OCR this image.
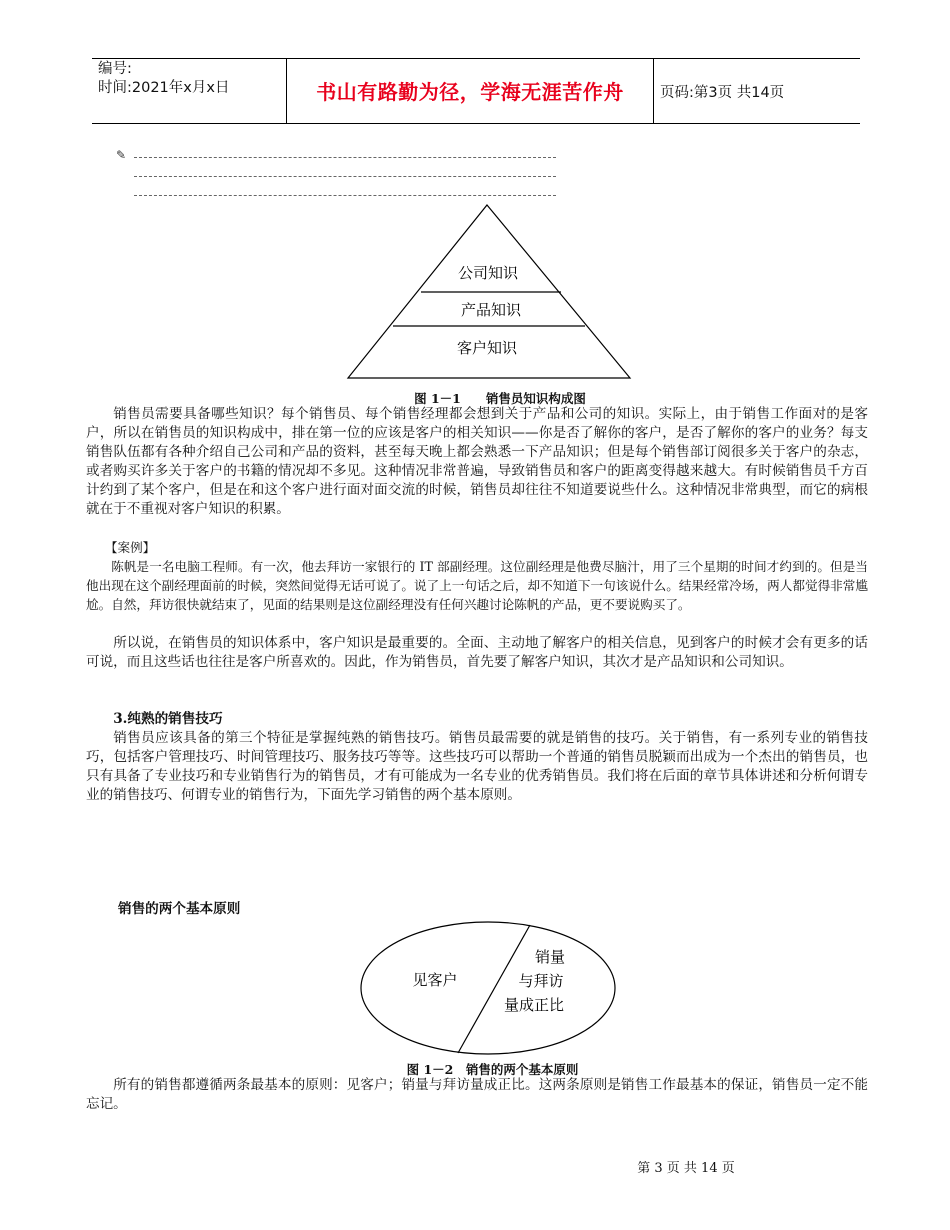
编号:
时间:2021年x月x日	书山有路勤为径，学海无涯苦作舟	页码:第3页 共14页
✎
公司知识
产品知识
客户知识
图 1－1　　销售员知识构成图

销售员需要具备哪些知识？每个销售员、每个销售经理都会想到关于产品和公司的知识。实际上，由于销售工作面对的是客户，所以在销售员的知识构成中，排在第一位的应该是客户的相关知识——你是否了解你的客户，是否了解你的客户的业务？每支销售队伍都有各种介绍自己公司和产品的资料，甚至每天晚上都会熟悉一下产品知识；但是每个销售部订阅很多关于客户的杂志，或者购买许多关于客户的书籍的情况却不多见。这种情况非常普遍，导致销售员和客户的距离变得越来越大。有时候销售员千方百计约到了某个客户，但是在和这个客户进行面对面交流的时候，销售员却往往不知道要说些什么。这种情况非常典型，而它的病根就在于不重视对客户知识的积累。

【案例】

陈帆是一名电脑工程师。有一次，他去拜访一家银行的 IT 部副经理。这位副经理是他费尽脑汁，用了三个星期的时间才约到的。但是当他出现在这个副经理面前的时候，突然间觉得无话可说了。说了上一句话之后，却不知道下一句该说什么。结果经常冷场，两人都觉得非常尴尬。自然，拜访很快就结束了，见面的结果则是这位副经理没有任何兴趣讨论陈帆的产品，更不要说购买了。

所以说，在销售员的知识体系中，客户知识是最重要的。全面、主动地了解客户的相关信息，见到客户的时候才会有更多的话可说，而且这些话也往往是客户所喜欢的。因此，作为销售员，首先要了解客户知识，其次才是产品知识和公司知识。

3.纯熟的销售技巧

销售员应该具备的第三个特征是掌握纯熟的销售技巧。销售员最需要的就是销售的技巧。关于销售，有一系列专业的销售技巧，包括客户管理技巧、时间管理技巧、服务技巧等等。这些技巧可以帮助一个普通的销售员脱颖而出成为一个杰出的销售员，也只有具备了专业技巧和专业销售行为的销售员，才有可能成为一名专业的优秀销售员。我们将在后面的章节具体讲述和分析何谓专业的销售技巧、何谓专业的销售行为，下面先学习销售的两个基本原则。

销售的两个基本原则
见客户
销量
与拜访
量成正比
图 1－2　销售的两个基本原则

所有的销售都遵循两条最基本的原则：见客户；销量与拜访量成正比。这两条原则是销售工作最基本的保证，销售员一定不能忘记。

第 3 页 共 14 页
